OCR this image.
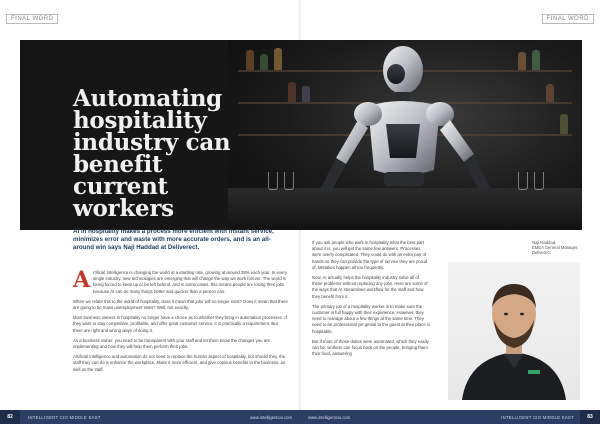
FINAL WORD	FINAL WORD
Automating hospitality industry can benefit current workers
AI in hospitality makes a process more efficient with instant service, minimizes error and waste with more accurate orders, and is an all-around win says Naji Haddad at Deliverect.

Artificial Intelligence is changing the world at a startling rate, growing at around 38% each year. In every single industry, new technologies are emerging that will change the way we work forever. The world is being forced to keep up or be left behind. And in some cases, this means people are losing their jobs because AI can do many things better and quicker than a person can.

When we relate this to the world of hospitality, does it mean that jobs will no longer exist? Does it mean that there are going to be mass unemployment rates? Well, not exactly.

Most business owners in hospitality no longer have a choice as to whether they bring in automation processes. If they want to stay competitive, profitable, and offer great customer service, it is practically a requirement. But there are right and wrong ways of doing it.

As a business owner, you need to be transparent with your staff and let them know the changes you are implementing and how they will help them perform their jobs.

Artificial intelligence and automation do not need to replace the human aspect of hospitality, but should they, the staff they can do is enhance the workplace. Make it more efficient, and give copious benefits to the business, as well as the staff.

If you ask people who work in hospitality what the best part about it is, you will get the same few answers. Processes were overly complicated. They could do with an extra pair of hands so they can provide the type of service they are proud of. Mistakes happen all too frequently.

Now, AI actually helps the hospitality industry solve all of these problems without replacing any jobs. Here are some of the ways that AI streamlines workflow for the staff and how they benefit from it.

The primary job of a hospitality worker is to make sure the customer is full happy with their experience. However, they need to manage about a few things at the same time. They need to be professional yet genial to the guest at their place is hospitable.

But if more of those duties were automated, which they easily can be, workers can focus back on the people, bringing them their food, answering

Naji Haddad,
EMEA General Manager, Deliverect
82	INTELLIGENT CIO MIDDLE EAST	www.intelligentcio.com	www.intelligentcio.com	INTELLIGENT CIO MIDDLE EAST	83
